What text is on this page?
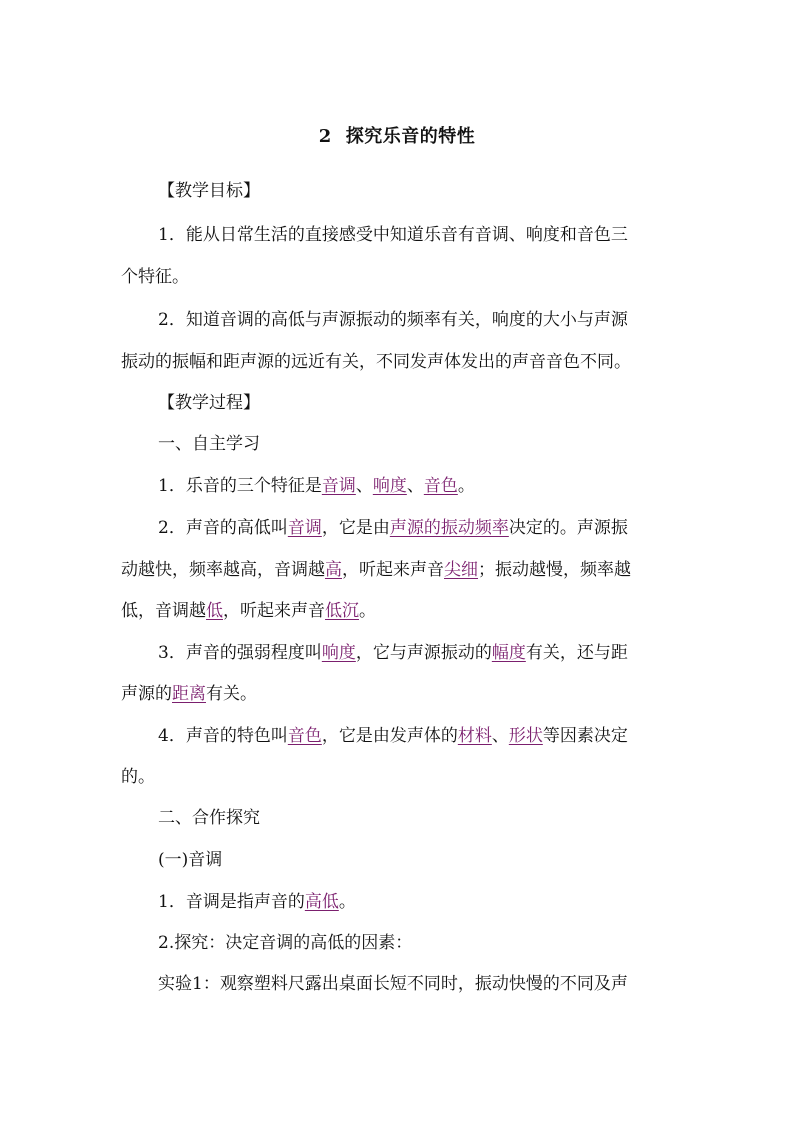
2 探究乐音的特性
【教学目标】
1．能从日常生活的直接感受中知道乐音有音调、响度和音色三
个特征。
2．知道音调的高低与声源振动的频率有关，响度的大小与声源
振动的振幅和距声源的远近有关，不同发声体发出的声音音色不同。
【教学过程】
一、自主学习
1．乐音的三个特征是音调、响度、音色。
2．声音的高低叫音调，它是由声源的振动频率决定的。声源振
动越快，频率越高，音调越高，听起来声音尖细；振动越慢，频率越
低，音调越低，听起来声音低沉。
3．声音的强弱程度叫响度，它与声源振动的幅度有关，还与距
声源的距离有关。
4．声音的特色叫音色，它是由发声体的材料、形状等因素决定
的。
二、合作探究
(一)音调
1．音调是指声音的高低。
2.探究：决定音调的高低的因素：
实验1：观察塑料尺露出桌面长短不同时，振动快慢的不同及声
